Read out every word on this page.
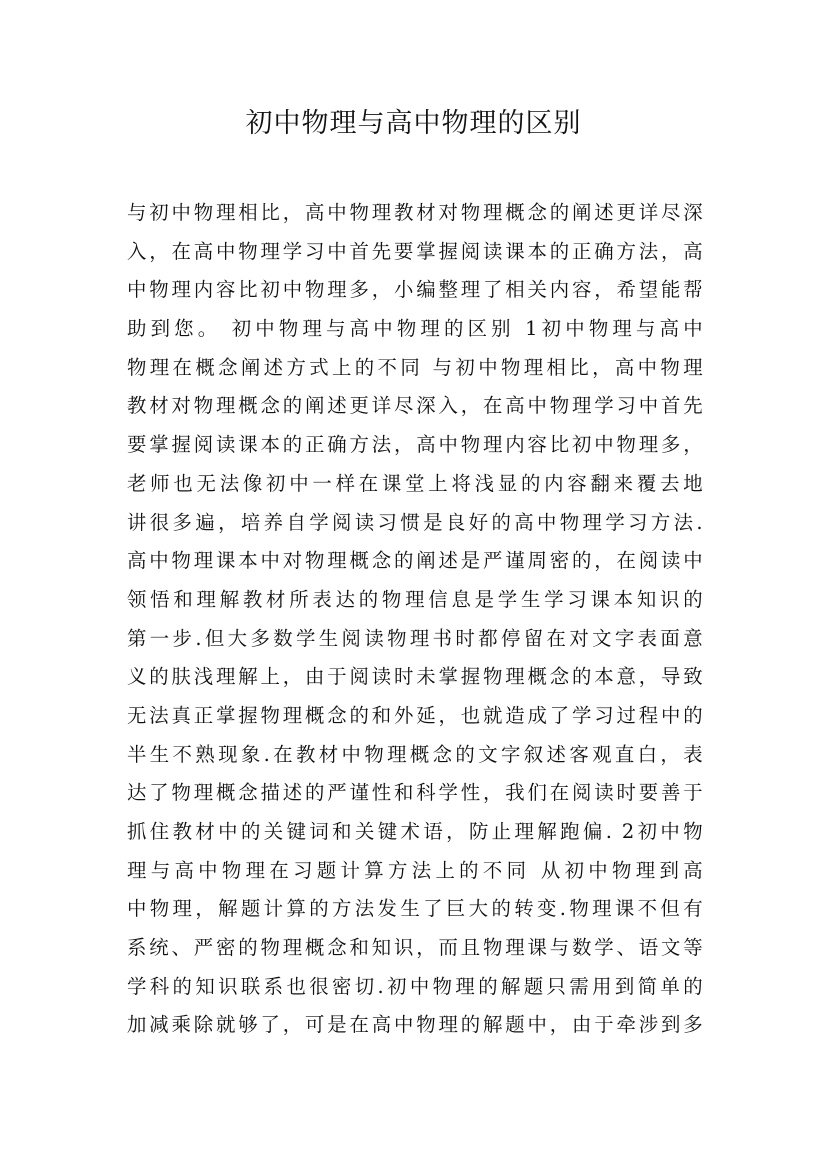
初中物理与高中物理的区别
与初中物理相比，高中物理教材对物理概念的阐述更详尽深
入，在高中物理学习中首先要掌握阅读课本的正确方法，高
中物理内容比初中物理多，小编整理了相关内容，希望能帮
助到您。 初中物理与高中物理的区别 1初中物理与高中
物理在概念阐述方式上的不同 与初中物理相比，高中物理
教材对物理概念的阐述更详尽深入，在高中物理学习中首先
要掌握阅读课本的正确方法，高中物理内容比初中物理多，
老师也无法像初中一样在课堂上将浅显的内容翻来覆去地
讲很多遍，培养自学阅读习惯是良好的高中物理学习方法.
高中物理课本中对物理概念的阐述是严谨周密的，在阅读中
领悟和理解教材所表达的物理信息是学生学习课本知识的
第一步.但大多数学生阅读物理书时都停留在对文字表面意
义的肤浅理解上，由于阅读时未掌握物理概念的本意，导致
无法真正掌握物理概念的和外延，也就造成了学习过程中的
半生不熟现象.在教材中物理概念的文字叙述客观直白，表
达了物理概念描述的严谨性和科学性，我们在阅读时要善于
抓住教材中的关键词和关键术语，防止理解跑偏. 2初中物
理与高中物理在习题计算方法上的不同 从初中物理到高
中物理，解题计算的方法发生了巨大的转变.物理课不但有
系统、严密的物理概念和知识，而且物理课与数学、语文等
学科的知识联系也很密切.初中物理的解题只需用到简单的
加减乘除就够了，可是在高中物理的解题中，由于牵涉到多
